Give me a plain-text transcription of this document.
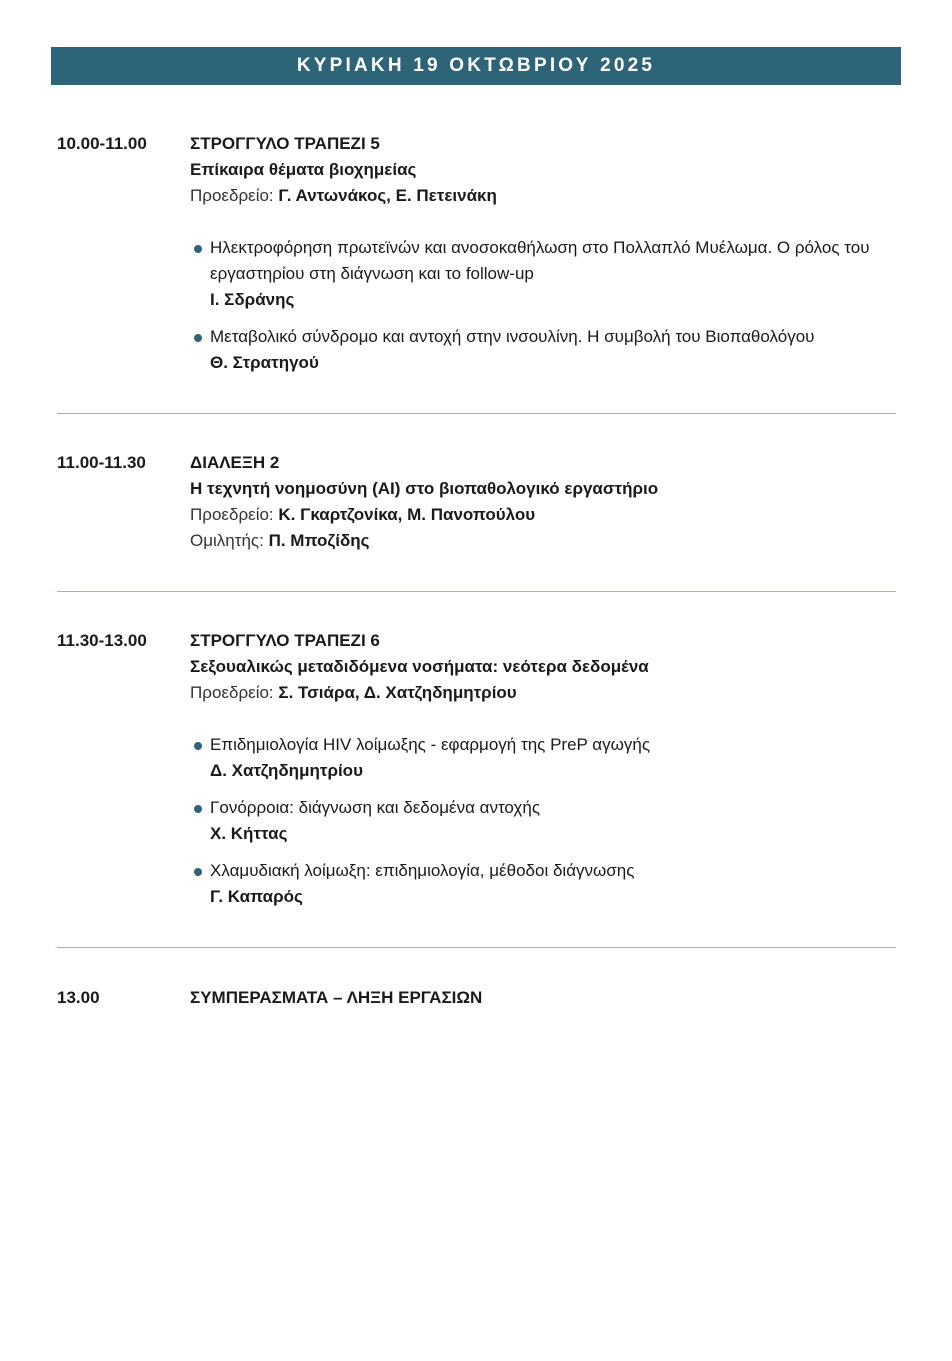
ΚΥΡΙΑΚΗ 19 ΟΚΤΩΒΡΙΟΥ 2025
10.00-11.00	ΣΤΡΟΓΓΥΛΟ ΤΡΑΠΕΖΙ 5
Επίκαιρα θέματα βιοχημείας
Προεδρείο: Γ. Αντωνάκος, Ε. Πετεινάκη
Ηλεκτροφόρηση πρωτεϊνών και ανοσοκαθήλωση στο Πολλαπλό Μυέλωμα. Ο ρόλος του εργαστηρίου στη διάγνωση και το follow-up
Ι. Σδράνης
Μεταβολικό σύνδρομο και αντοχή στην ινσουλίνη. Η συμβολή του Βιοπαθολόγου
Θ. Στρατηγού
11.00-11.30	ΔΙΑΛΕΞΗ 2
Η τεχνητή νοημοσύνη (AI) στο βιοπαθολογικό εργαστήριο
Προεδρείο: Κ. Γκαρτζονίκα, Μ. Πανοπούλου
Ομιλητής: Π. Μποζίδης
11.30-13.00	ΣΤΡΟΓΓΥΛΟ ΤΡΑΠΕΖΙ 6
Σεξουαλικώς μεταδιδόμενα νοσήματα: νεότερα δεδομένα
Προεδρείο: Σ. Τσιάρα, Δ. Χατζηδημητρίου
Επιδημιολογία HIV λοίμωξης - εφαρμογή της PreP αγωγής
Δ. Χατζηδημητρίου
Γονόρροια: διάγνωση και δεδομένα αντοχής
Χ. Κήττας
Χλαμυδιακή λοίμωξη: επιδημιολογία, μέθοδοι διάγνωσης
Γ. Καπαρός
13.00	ΣΥΜΠΕΡΑΣΜΑΤΑ – ΛΗΞΗ ΕΡΓΑΣΙΩΝ
